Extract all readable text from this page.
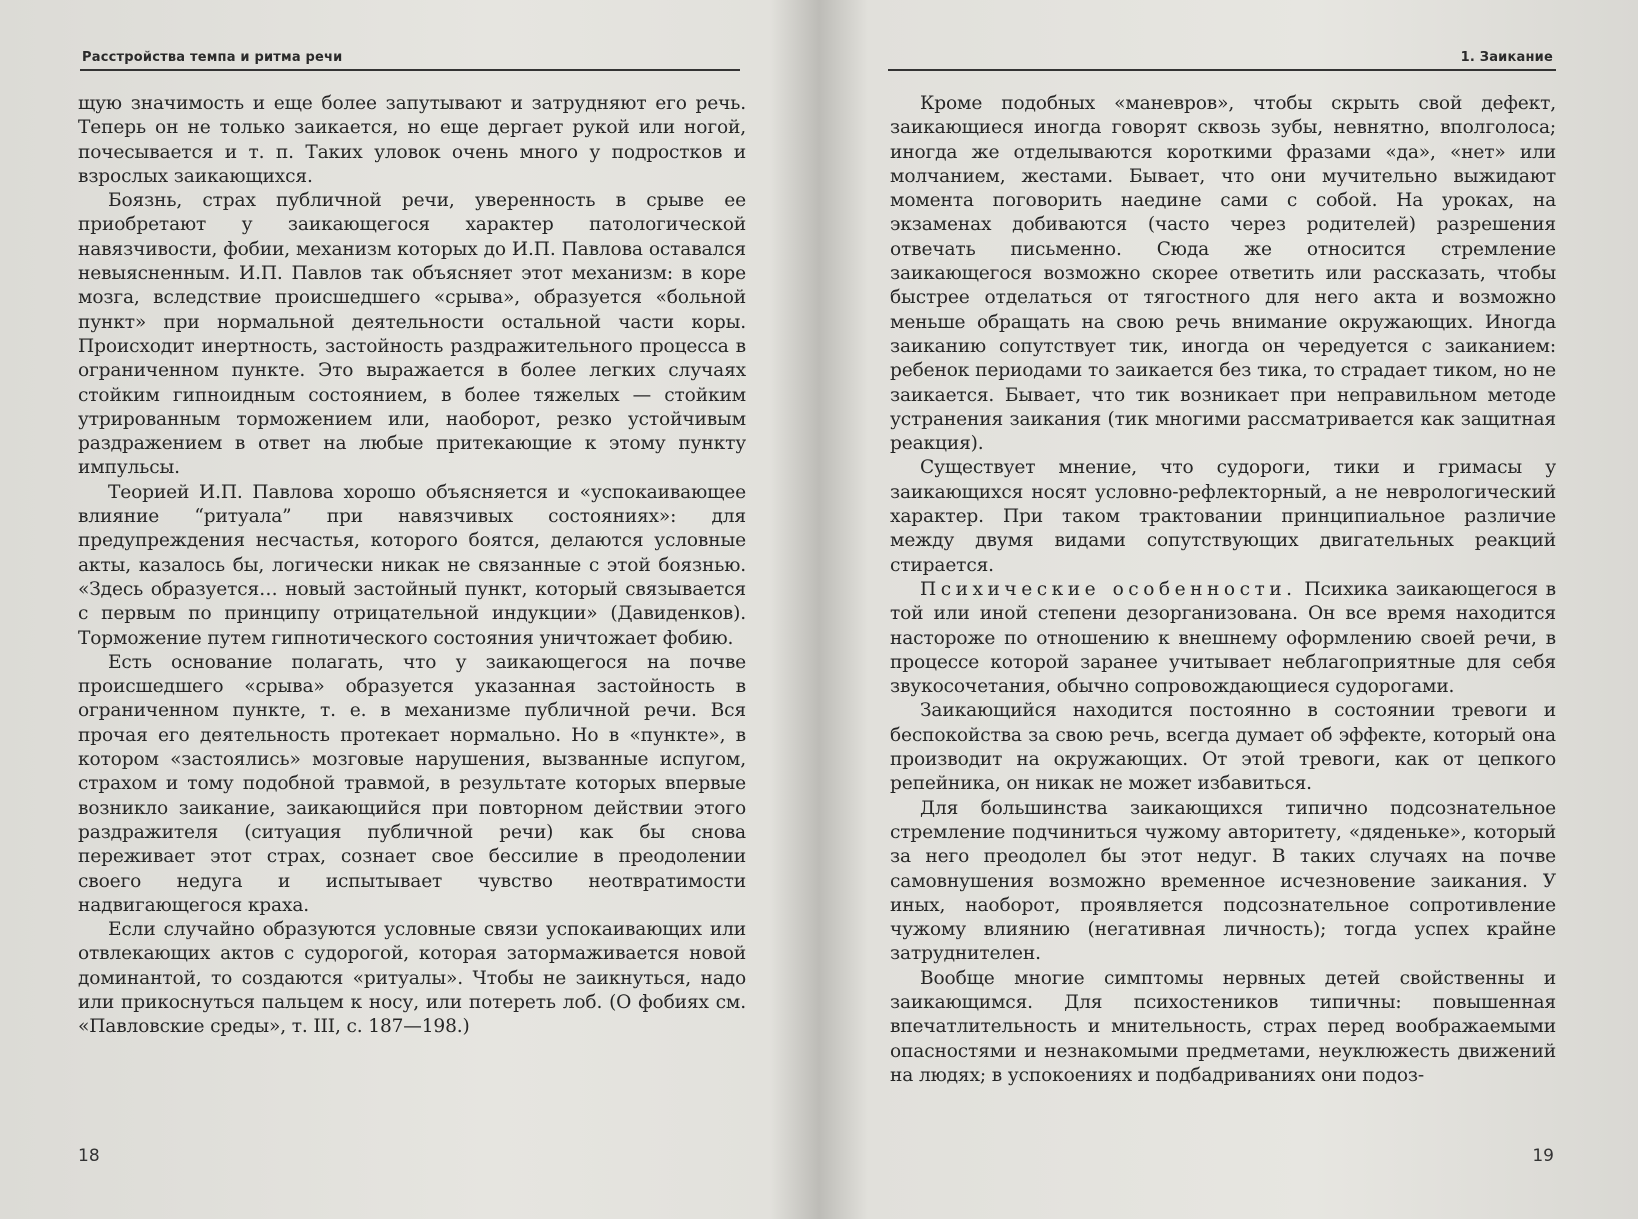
Расстройства темпа и ритма речи

щую значимость и еще более запутывают и затрудняют его речь. Теперь он не только заикается, но еще дергает рукой или ногой, почесывается и т. п. Таких уловок очень много у подростков и взрослых заикающихся.

Боязнь, страх публичной речи, уверенность в срыве ее приобретают у заикающегося характер патологической навязчивости, фобии, механизм которых до И.П. Павлова оставался невыясненным. И.П. Павлов так объясняет этот механизм: в коре мозга, вследствие происшедшего «срыва», образуется «больной пункт» при нормальной деятельности остальной части коры. Происходит инертность, застойность раздражительного процесса в ограниченном пункте. Это выражается в более легких случаях стойким гипноидным состоянием, в более тяжелых — стойким утрированным торможением или, наоборот, резко устойчивым раздражением в ответ на любые притекающие к этому пункту импульсы.

Теорией И.П. Павлова хорошо объясняется и «успокаивающее влияние “ритуала” при навязчивых состояниях»: для предупреждения несчастья, которого боятся, делаются условные акты, казалось бы, логически никак не связанные с этой боязнью. «Здесь образуется… новый застойный пункт, который связывается с первым по принципу отрицательной индукции» (Давиденков). Торможение путем гипнотического состояния уничтожает фобию.

Есть основание полагать, что у заикающегося на почве происшедшего «срыва» образуется указанная застойность в ограниченном пункте, т. е. в механизме публичной речи. Вся прочая его деятельность протекает нормально. Но в «пункте», в котором «застоялись» мозговые нарушения, вызванные испугом, страхом и тому подобной травмой, в результате которых впервые возникло заикание, заикающийся при повторном действии этого раздражителя (ситуация публичной речи) как бы снова переживает этот страх, сознает свое бессилие в преодолении своего недуга и испытывает чувство неотвратимости надвигающегося краха.

Если случайно образуются условные связи успокаивающих или отвлекающих актов с судорогой, которая затормаживается новой доминантой, то создаются «ритуалы». Чтобы не заикнуться, надо или прикоснуться пальцем к носу, или потереть лоб. (О фобиях см. «Павловские среды», т. III, с. 187—198.)

18
1. Заикание

Кроме подобных «маневров», чтобы скрыть свой дефект, заикающиеся иногда говорят сквозь зубы, невнятно, вполголоса; иногда же отделываются короткими фразами «да», «нет» или молчанием, жестами. Бывает, что они мучительно выжидают момента поговорить наедине сами с собой. На уроках, на экзаменах добиваются (часто через родителей) разрешения отвечать письменно. Сюда же относится стремление заикающегося возможно скорее ответить или рассказать, чтобы быстрее отделаться от тягостного для него акта и возможно меньше обращать на свою речь внимание окружающих. Иногда заиканию сопутствует тик, иногда он чередуется с заиканием: ребенок периодами то заикается без тика, то страдает тиком, но не заикается. Бывает, что тик возникает при неправильном методе устранения заикания (тик многими рассматривается как защитная реакция).

Существует мнение, что судороги, тики и гримасы у заикающихся носят условно-рефлекторный, а не неврологический характер. При таком трактовании принципиальное различие между двумя видами сопутствующих двигательных реакций стирается.

Психические особенности. Психика заикающегося в той или иной степени дезорганизована. Он все время находится настороже по отношению к внешнему оформлению своей речи, в процессе которой заранее учитывает неблагоприятные для себя звукосочетания, обычно сопровождающиеся судорогами.

Заикающийся находится постоянно в состоянии тревоги и беспокойства за свою речь, всегда думает об эффекте, который она производит на окружающих. От этой тревоги, как от цепкого репейника, он никак не может избавиться.

Для большинства заикающихся типично подсознательное стремление подчиниться чужому авторитету, «дяденьке», который за него преодолел бы этот недуг. В таких случаях на почве самовнушения возможно временное исчезновение заикания. У иных, наоборот, проявляется подсознательное сопротивление чужому влиянию (негативная личность); тогда успех крайне затруднителен.

Вообще многие симптомы нервных детей свойственны и заикающимся. Для психостеников типичны: повышенная впечатлительность и мнительность, страх перед воображаемыми опасностями и незнакомыми предметами, неуклюжесть движений на людях; в успокоениях и подбадриваниях они подоз-

19
